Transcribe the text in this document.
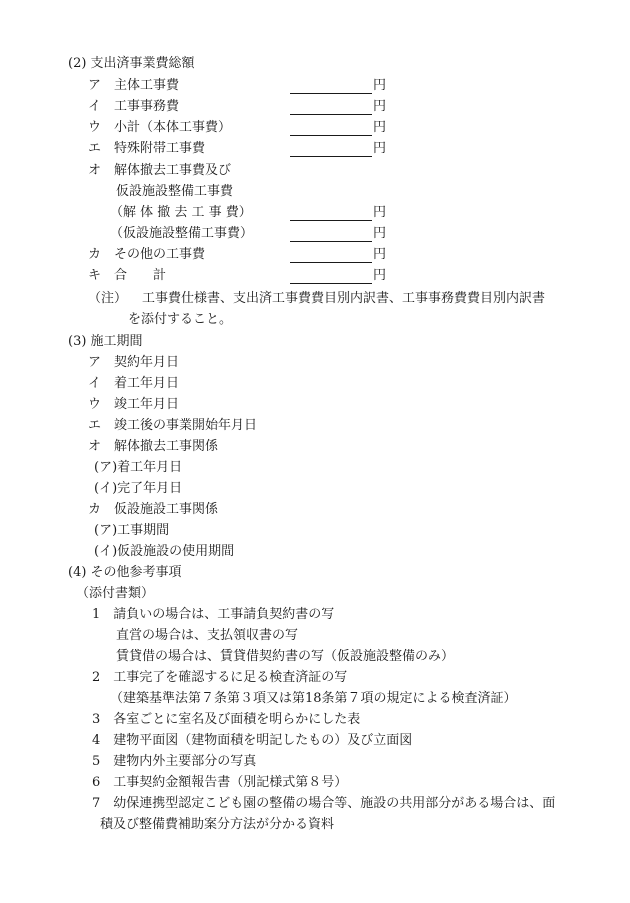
(2) 支出済事業費総額
ア　主体工事費	円
イ　工事事務費	円
ウ　小計（本体工事費）	円
エ　特殊附帯工事費	円
オ　解体撤去工事費及び
仮設施設整備工事費
（解 体 撤 去 工 事 費）	円
（仮設施設整備工事費）	円
カ　その他の工事費	円
キ　合　　計	円
（注） 工事費仕様書、支出済工事費費目別内訳書、工事事務費費目別内訳書
を添付すること。
(3) 施工期間
ア　契約年月日
イ　着工年月日
ウ　竣工年月日
エ　竣工後の事業開始年月日
オ　解体撤去工事関係
(ア)着工年月日
(イ)完了年月日
カ　仮設施設工事関係
(ア)工事期間
(イ)仮設施設の使用期間
(4) その他参考事項
（添付書類）
1　請負いの場合は、工事請負契約書の写
直営の場合は、支払領収書の写
賃貸借の場合は、賃貸借契約書の写（仮設施設整備のみ）
2　工事完了を確認するに足る検査済証の写
（建築基準法第７条第３項又は第18条第７項の規定による検査済証）
3　各室ごとに室名及び面積を明らかにした表
4　建物平面図（建物面積を明記したもの）及び立面図
5　建物内外主要部分の写真
6　工事契約金額報告書（別記様式第８号）
7　幼保連携型認定こども園の整備の場合等、施設の共用部分がある場合は、面
積及び整備費補助案分方法が分かる資料
